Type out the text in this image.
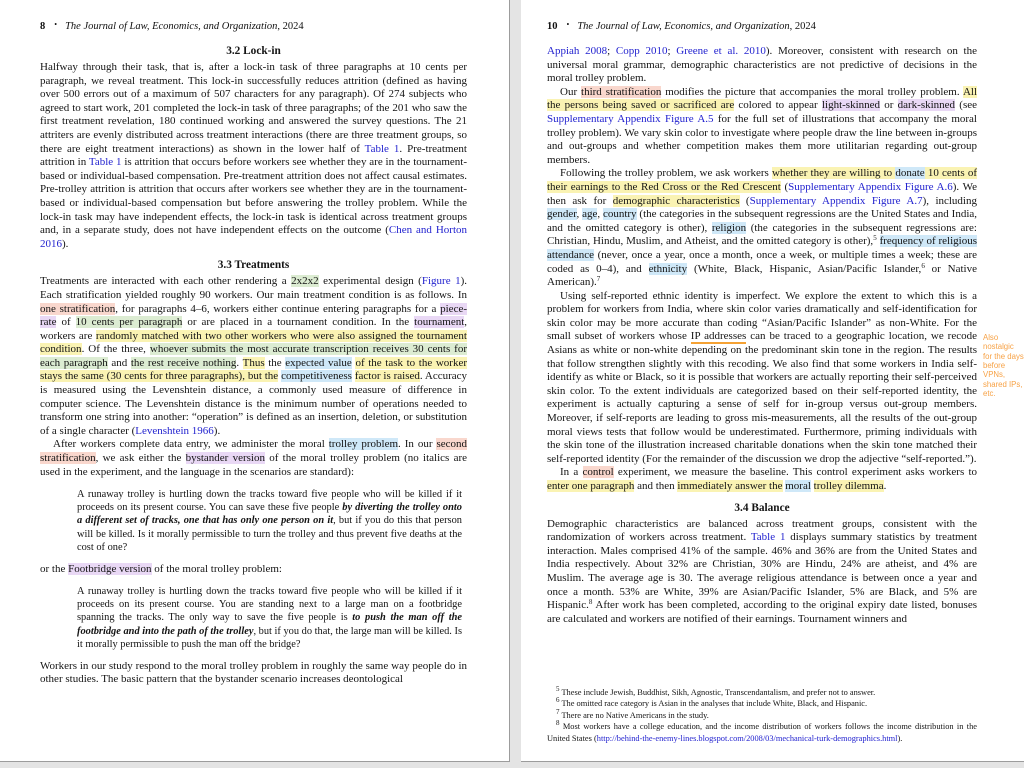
8 • The Journal of Law, Economics, and Organization, 2024
3.2 Lock-in
Halfway through their task, that is, after a lock-in task of three paragraphs at 10 cents per paragraph, we reveal treatment. This lock-in successfully reduces attrition (defined as having over 500 errors out of a maximum of 507 characters for any paragraph). Of 274 subjects who agreed to start work, 201 completed the lock-in task of three paragraphs; of the 201 who saw the first treatment revelation, 180 continued working and answered the survey questions. The 21 attriters are evenly distributed across treatment interactions (there are three treatment groups, so there are eight treatment interactions) as shown in the lower half of Table 1. Pre-treatment attrition in Table 1 is attrition that occurs before workers see whether they are in the tournament-based or individual-based compensation. Pre-treatment attrition does not affect causal estimates. Pre-trolley attrition is attrition that occurs after workers see whether they are in the tournament-based or individual-based compensation but before answering the trolley problem. While the lock-in task may have independent effects, the lock-in task is identical across treatment groups and, in a separate study, does not have independent effects on the outcome (Chen and Horton 2016).
3.3 Treatments
Treatments are interacted with each other rendering a 2x2x2 experimental design (Figure 1). Each stratification yielded roughly 90 workers. Our main treatment condition is as follows. In one stratification, for paragraphs 4–6, workers either continue entering paragraphs for a piece-rate of 10 cents per paragraph or are placed in a tournament condition. In the tournament, workers are randomly matched with two other workers who were also assigned the tournament condition. Of the three, whoever submits the most accurate transcription receives 30 cents for each paragraph and the rest receive nothing. Thus the expected value of the task to the worker stays the same (30 cents for three paragraphs), but the competitiveness factor is raised. Accuracy is measured using the Levenshtein distance, a commonly used measure of difference in computer science. The Levenshtein distance is the minimum number of operations needed to transform one string into another: “operation” is defined as an insertion, deletion, or substitution of a single character (Levenshtein 1966).
After workers complete data entry, we administer the moral trolley problem. In our second stratification, we ask either the bystander version of the moral trolley problem (no italics are used in the experiment, and the language in the scenarios are standard):
A runaway trolley is hurtling down the tracks toward five people who will be killed if it proceeds on its present course. You can save these five people by diverting the trolley onto a different set of tracks, one that has only one person on it, but if you do this that person will be killed. Is it morally permissible to turn the trolley and thus prevent five deaths at the cost of one?
or the Footbridge version of the moral trolley problem:
A runaway trolley is hurtling down the tracks toward five people who will be killed if it proceeds on its present course. You are standing next to a large man on a footbridge spanning the tracks. The only way to save the five people is to push the man off the footbridge and into the path of the trolley, but if you do that, the large man will be killed. Is it morally permissible to push the man off the bridge?
Workers in our study respond to the moral trolley problem in roughly the same way people do in other studies. The basic pattern that the bystander scenario increases deontological
10 • The Journal of Law, Economics, and Organization, 2024
Appiah 2008; Copp 2010; Greene et al. 2010). Moreover, consistent with research on the universal moral grammar, demographic characteristics are not predictive of decisions in the moral trolley problem.
Our third stratification modifies the picture that accompanies the moral trolley problem. All the persons being saved or sacrificed are colored to appear light-skinned or dark-skinned (see Supplementary Appendix Figure A.5 for the full set of illustrations that accompany the moral trolley problem). We vary skin color to investigate where people draw the line between in-groups and out-groups and whether competition makes them more utilitarian regarding out-group members.
Following the trolley problem, we ask workers whether they are willing to donate 10 cents of their earnings to the Red Cross or the Red Crescent (Supplementary Appendix Figure A.6). We then ask for demographic characteristics (Supplementary Appendix Figure A.7), including gender, age, country (the categories in the subsequent regressions are the United States and India, and the omitted category is other), religion (the categories in the subsequent regressions are: Christian, Hindu, Muslim, and Atheist, and the omitted category is other),$^5$ frequency of religious attendance (never, once a year, once a month, once a week, or multiple times a week; these are coded as 0–4), and ethnicity (White, Black, Hispanic, Asian/Pacific Islander,$^6$ or Native American).$^7$
Using self-reported ethnic identity is imperfect. We explore the extent to which this is a problem for workers from India, where skin color varies dramatically and self-identification for skin color may be more accurate than coding “Asian/Pacific Islander” as non-White. For the small subset of workers whose IP addresses can be traced to a geographic location, we recode Asians as white or non-white depending on the predominant skin tone in the region. The results that follow strengthen slightly with this recoding. We also find that some workers in India self-identify as white or Black, so it is possible that workers are actually reporting their self-perceived skin color. To the extent individuals are categorized based on their self-reported identity, the experiment is actually capturing a sense of self for in-group versus out-group members. Moreover, if self-reports are leading to gross mis-measurements, all the results of the out-group moral views tests that follow would be underestimated. Furthermore, priming individuals with the skin tone of the illustration increased charitable donations when the skin tone matched their self-reported identity (For the remainder of the discussion we drop the adjective “self-reported.”).
In a control experiment, we measure the baseline. This control experiment asks workers to enter one paragraph and then immediately answer the moral trolley dilemma.
3.4 Balance
Demographic characteristics are balanced across treatment groups, consistent with the randomization of workers across treatment. Table 1 displays summary statistics by treatment interaction. Males comprised 41% of the sample. 46% and 36% are from the United States and India respectively. About 32% are Christian, 30% are Hindu, 24% are atheist, and 4% are Muslim. The average age is 30. The average religious attendance is between once a year and once a month. 53% are White, 39% are Asian/Pacific Islander, 5% are Black, and 5% are Hispanic.$^8$ After work has been completed, according to the original expiry date listed, bonuses are calculated and workers are notified of their earnings. Tournament winners and
$^5$ These include Jewish, Buddhist, Sikh, Agnostic, Transcendantalism, and prefer not to answer.
$^6$ The omitted race category is Asian in the analyses that include White, Black, and Hispanic.
$^7$ There are no Native Americans in the study.
$^8$ Most workers have a college education, and the income distribution of workers follows the income distribution in the United States (http://behind-the-enemy-lines.blogspot.com/2008/03/mechanical-turk-demographics.html).
Also nostalgic for the days before VPNs, shared IPs, etc.
